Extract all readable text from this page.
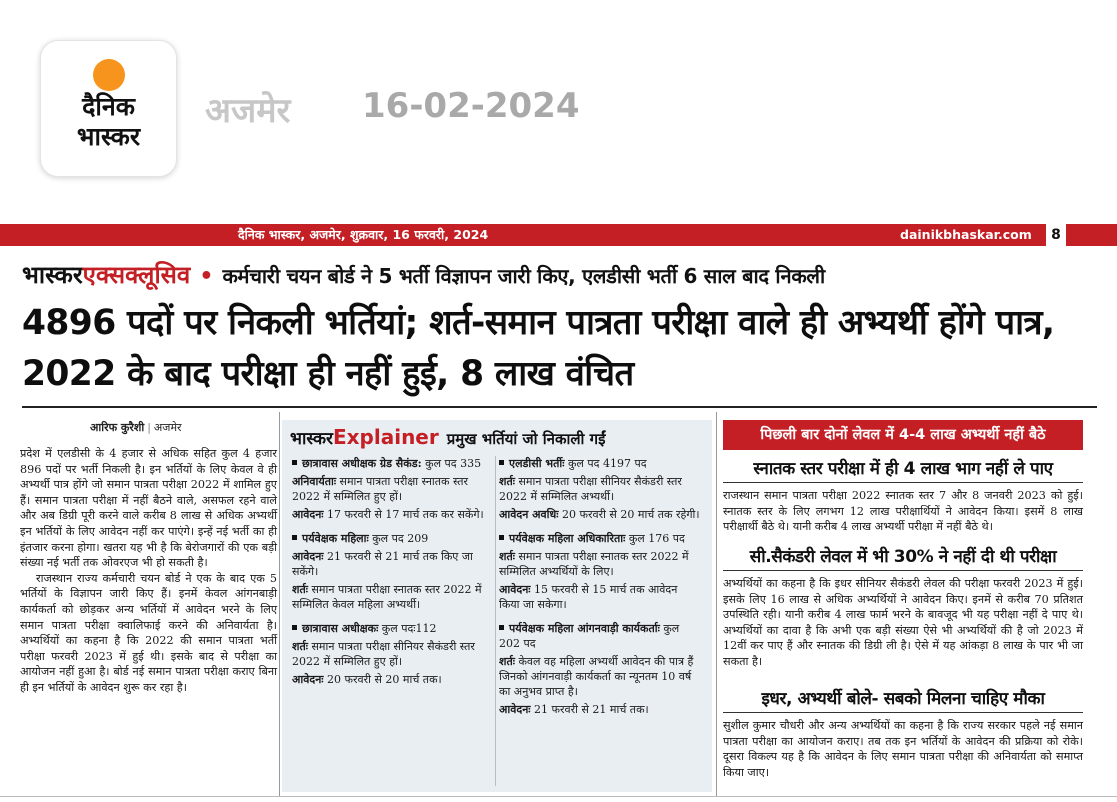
दैनिक
भास्कर
अजमेर 16-02-2024
दैनिक भास्कर, अजमेर, शुक्रवार, 16 फरवरी, 2024	dainikbhaskar.com	8
भास्करएक्सक्लूसिव • कर्मचारी चयन बोर्ड ने 5 भर्ती विज्ञापन जारी किए, एलडीसी भर्ती 6 साल बाद निकली
4896 पदों पर निकली भर्तियां; शर्त-समान पात्रता परीक्षा वाले ही अभ्यर्थी होंगे पात्र, 2022 के बाद परीक्षा ही नहीं हुई, 8 लाख वंचित
आरिफ कुरैशी | अजमेर

प्रदेश में एलडीसी के 4 हजार से अधिक सहित कुल 4 हजार 896 पदों पर भर्ती निकली है। इन भर्तियों के लिए केवल वे ही अभ्यर्थी पात्र होंगे जो समान पात्रता परीक्षा 2022 में शामिल हुए हैं। समान पात्रता परीक्षा में नहीं बैठने वाले, असफल रहने वाले और अब डिग्री पूरी करने वाले करीब 8 लाख से अधिक अभ्यर्थी इन भर्तियों के लिए आवेदन नहीं कर पाएंगे। इन्हें नई भर्ती का ही इंतजार करना होगा। खतरा यह भी है कि बेरोजगारों की एक बड़ी संख्या नई भर्ती तक ओवरएज भी हो सकती है।

राजस्थान राज्य कर्मचारी चयन बोर्ड ने एक के बाद एक 5 भर्तियों के विज्ञापन जारी किए हैं। इनमें केवल आंगनबाड़ी कार्यकर्ता को छोड़कर अन्य भर्तियों में आवेदन भरने के लिए समान पात्रता परीक्षा क्वालिफाई करने की अनिवार्यता है। अभ्यर्थियों का कहना है कि 2022 की समान पात्रता भर्ती परीक्षा फरवरी 2023 में हुई थी। इसके बाद से परीक्षा का आयोजन नहीं हुआ है। बोर्ड नई समान पात्रता परीक्षा कराए बिना ही इन भर्तियों के आवेदन शुरू कर रहा है।

भास्करExplainer प्रमुख भर्तियां जो निकाली गईं
छात्रावास अधीक्षक ग्रेड सैकंड: कुल पद 335
अनिवार्यताः समान पात्रता परीक्षा स्नातक स्तर 2022 में सम्मिलित हुए हों।
आवेदनः 17 फरवरी से 17 मार्च तक कर सकेंगे।
पर्यवेक्षक महिलाः कुल पद 209
आवेदनः 21 फरवरी से 21 मार्च तक किए जा सकेंगे।
शर्तः समान पात्रता परीक्षा स्नातक स्तर 2022 में सम्मिलित केवल महिला अभ्यर्थी।
छात्रावास अधीक्षकः कुल पदः112
शर्तः समान पात्रता परीक्षा सीनियर सैकंडरी स्तर 2022 में सम्मिलित हुए हों।
आवेदनः 20 फरवरी से 20 मार्च तक।
एलडीसी भर्तीः कुल पद 4197 पद
शर्तः समान पात्रता परीक्षा सीनियर सैकंडरी स्तर 2022 में सम्मिलित अभ्यर्थी।
आवेदन अवधिः 20 फरवरी से 20 मार्च तक रहेगी।
पर्यवेक्षक महिला अधिकारिताः कुल 176 पद
शर्तः समान पात्रता परीक्षा स्नातक स्तर 2022 में सम्मिलित अभ्यर्थियों के लिए।
आवेदनः 15 फरवरी से 15 मार्च तक आवेदन किया जा सकेगा।
पर्यवेक्षक महिला आंगनवाड़ी कार्यकर्ताः कुल 202 पद
शर्तः केवल वह महिला अभ्यर्थी आवेदन की पात्र हैं जिनको आंगनवाड़ी कार्यकर्ता का न्यूनतम 10 वर्ष का अनुभव प्राप्त है।
आवेदनः 21 फरवरी से 21 मार्च तक।
पिछली बार दोनों लेवल में 4-4 लाख अभ्यर्थी नहीं बैठे
स्नातक स्तर परीक्षा में ही 4 लाख भाग नहीं ले पाए
राजस्थान समान पात्रता परीक्षा 2022 स्नातक स्तर 7 और 8 जनवरी 2023 को हुई। स्नातक स्तर के लिए लगभग 12 लाख परीक्षार्थियों ने आवेदन किया। इसमें 8 लाख परीक्षार्थी बैठे थे। यानी करीब 4 लाख अभ्यर्थी परीक्षा में नहीं बैठे थे।
सी.सैकंडरी लेवल में भी 30% ने नहीं दी थी परीक्षा
अभ्यर्थियों का कहना है कि इधर सीनियर सैकंडरी लेवल की परीक्षा फरवरी 2023 में हुई। इसके लिए 16 लाख से अधिक अभ्यर्थियों ने आवेदन किए। इनमें से करीब 70 प्रतिशत उपस्थिति रही। यानी करीब 4 लाख फार्म भरने के बावजूद भी यह परीक्षा नहीं दे पाए थे। अभ्यर्थियों का दावा है कि अभी एक बड़ी संख्या ऐसे भी अभ्यर्थियों की है जो 2023 में 12वीं कर पाए हैं और स्नातक की डिग्री ली है। ऐसे में यह आंकड़ा 8 लाख के पार भी जा सकता है।
इधर, अभ्यर्थी बोले- सबको मिलना चाहिए मौका
सुशील कुमार चौधरी और अन्य अभ्यर्थियों का कहना है कि राज्य सरकार पहले नई समान पात्रता परीक्षा का आयोजन कराए। तब तक इन भर्तियों के आवेदन की प्रक्रिया को रोके। दूसरा विकल्प यह है कि आवेदन के लिए समान पात्रता परीक्षा की अनिवार्यता को समाप्त किया जाए।
